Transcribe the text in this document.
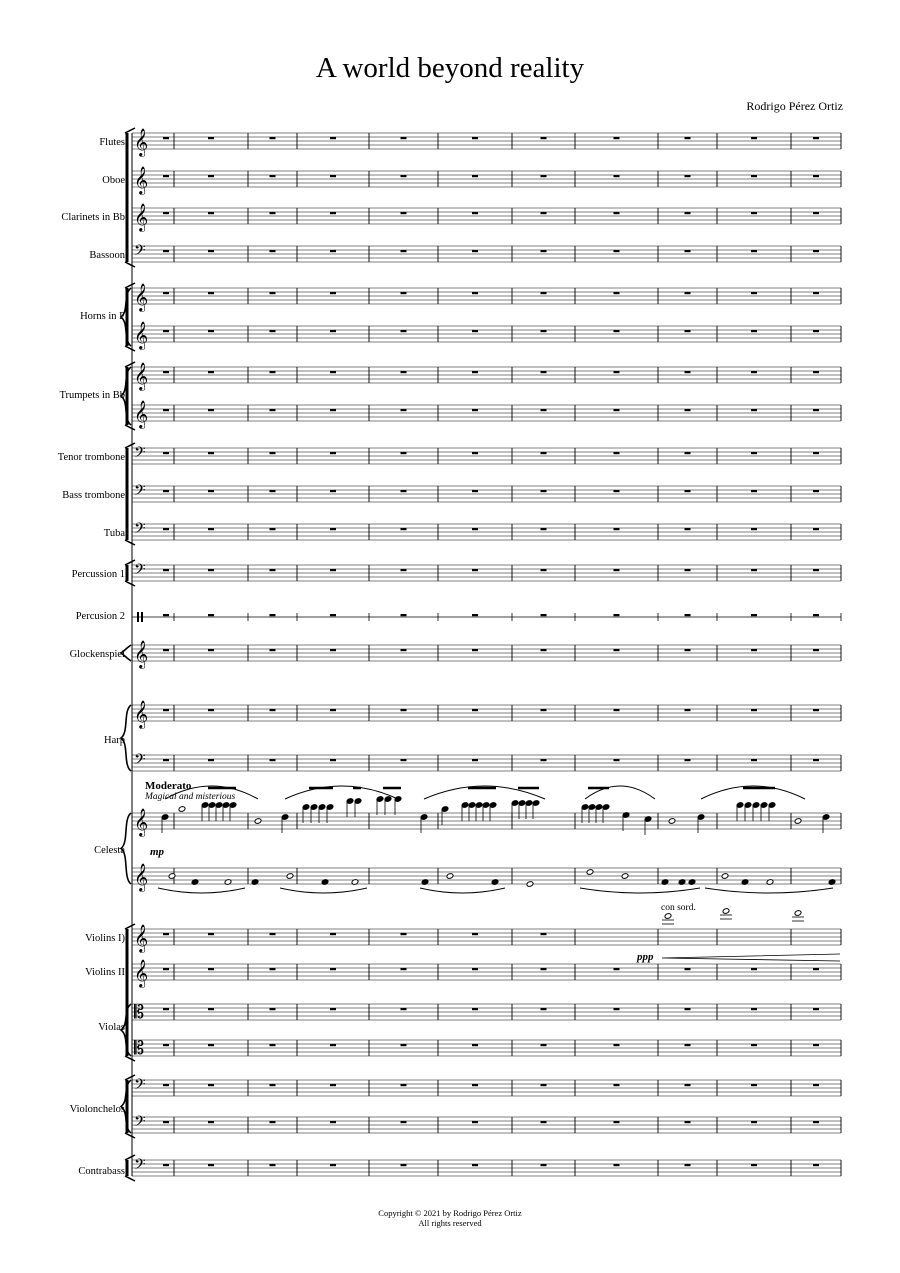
A world beyond reality
Rodrigo Pérez Ortiz
𝄞
𝄞
𝄞
𝄢
𝄞
𝄞
𝄞
𝄞
𝄢
𝄢
𝄢
𝄢
𝄞
𝄞
𝄢
𝄞
𝄞
𝄞
𝄞
𝄡
𝄡
𝄢
𝄢
𝄢
Flutes
Oboe
Clarinets in Bb
Bassoon
Horns in F
Trumpets in Bb
Tenor trombone
Bass trombone
Tuba
Percussion 1
Percusion 2
Glockenspiel
Harp
Celesta
Violins I)
Violins II
Violas
Violonchelos
Contrabass
Moderato
Magical and misterious
mp
ppp
con sord.
Copyright © 2021 by Rodrigo Pérez Ortiz
All rights reserved
